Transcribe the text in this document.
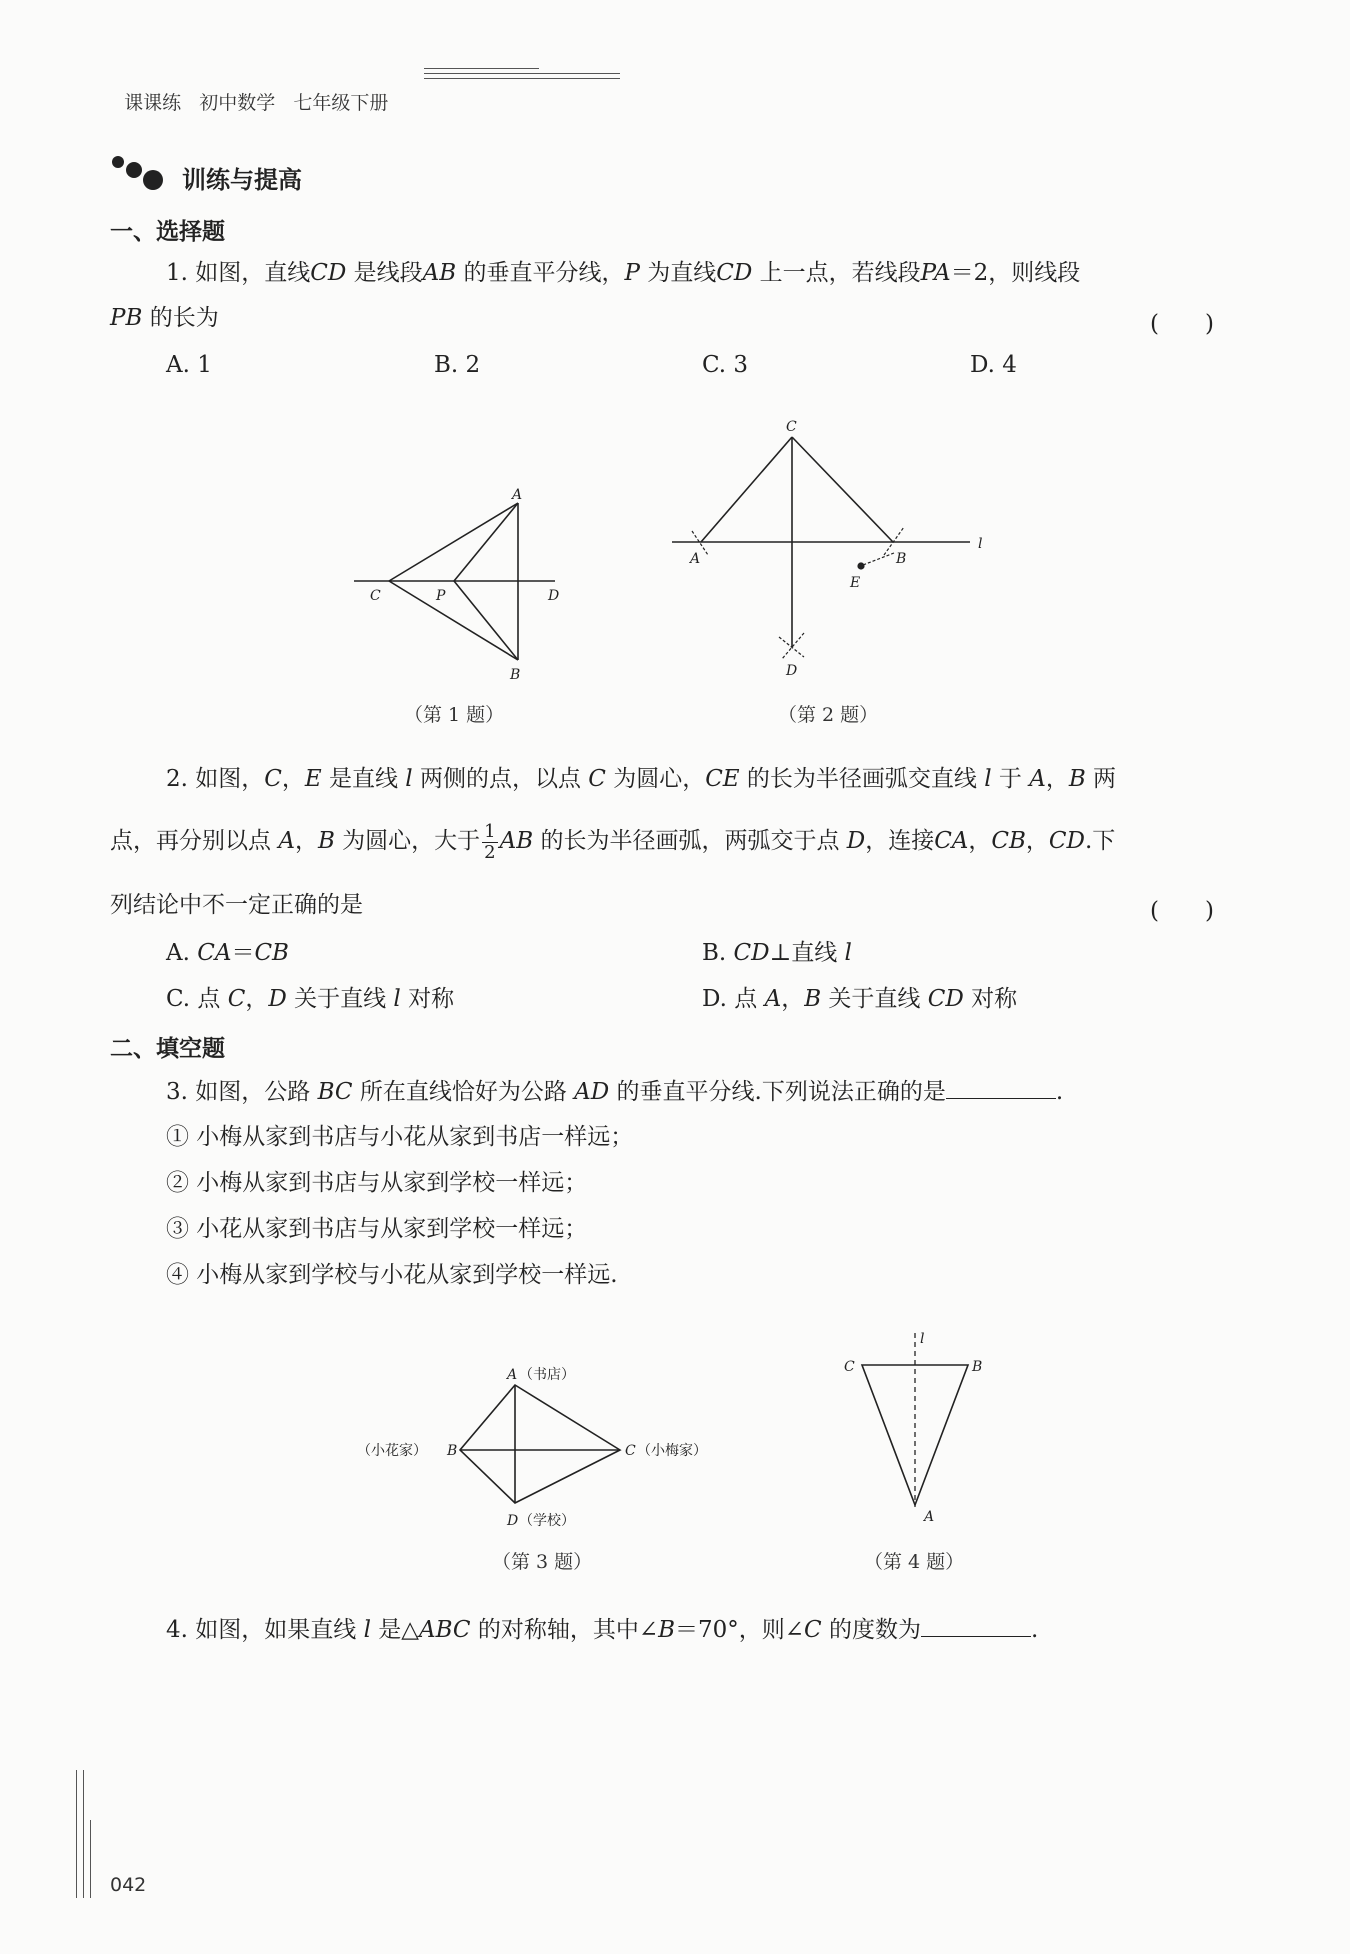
课课练 初中数学 七年级下册

训练与提高
一、选择题
1. 如图，直线CD 是线段AB 的垂直平分线，P 为直线CD 上一点，若线段PA＝2，则线段
PB 的长为	(　　)
A. 1	B. 2	C. 3	D. 4
A
B
C	D
P
（第 1 题）
C
A	B
E
D
l
（第 2 题）
2. 如图，C，E 是直线 l 两侧的点，以点 C 为圆心，CE 的长为半径画弧交直线 l 于 A，B 两
点，再分别以点 A，B 为圆心，大于 $\frac{1}{2}$ AB 的长为半径画弧，两弧交于点 D，连接CA，CB，CD.下
列结论中不一定正确的是	(　　)
A. CA＝CB	B. CD⊥直线 l
C. 点 C，D 关于直线 l 对称	D. 点 A，B 关于直线 CD 对称
二、填空题
3. 如图，公路 BC 所在直线恰好为公路 AD 的垂直平分线.下列说法正确的是	.
① 小梅从家到书店与小花从家到书店一样远；
② 小梅从家到书店与从家到学校一样远；
③ 小花从家到书店与从家到学校一样远；
④ 小梅从家到学校与小花从家到学校一样远.
A （书店）
（小花家） B	C （小梅家）
D （学校）
（第 3 题）
l
C	B
A
（第 4 题）
4. 如图，如果直线 l 是△ABC 的对称轴，其中∠B＝70°，则∠C 的度数为	.
042
